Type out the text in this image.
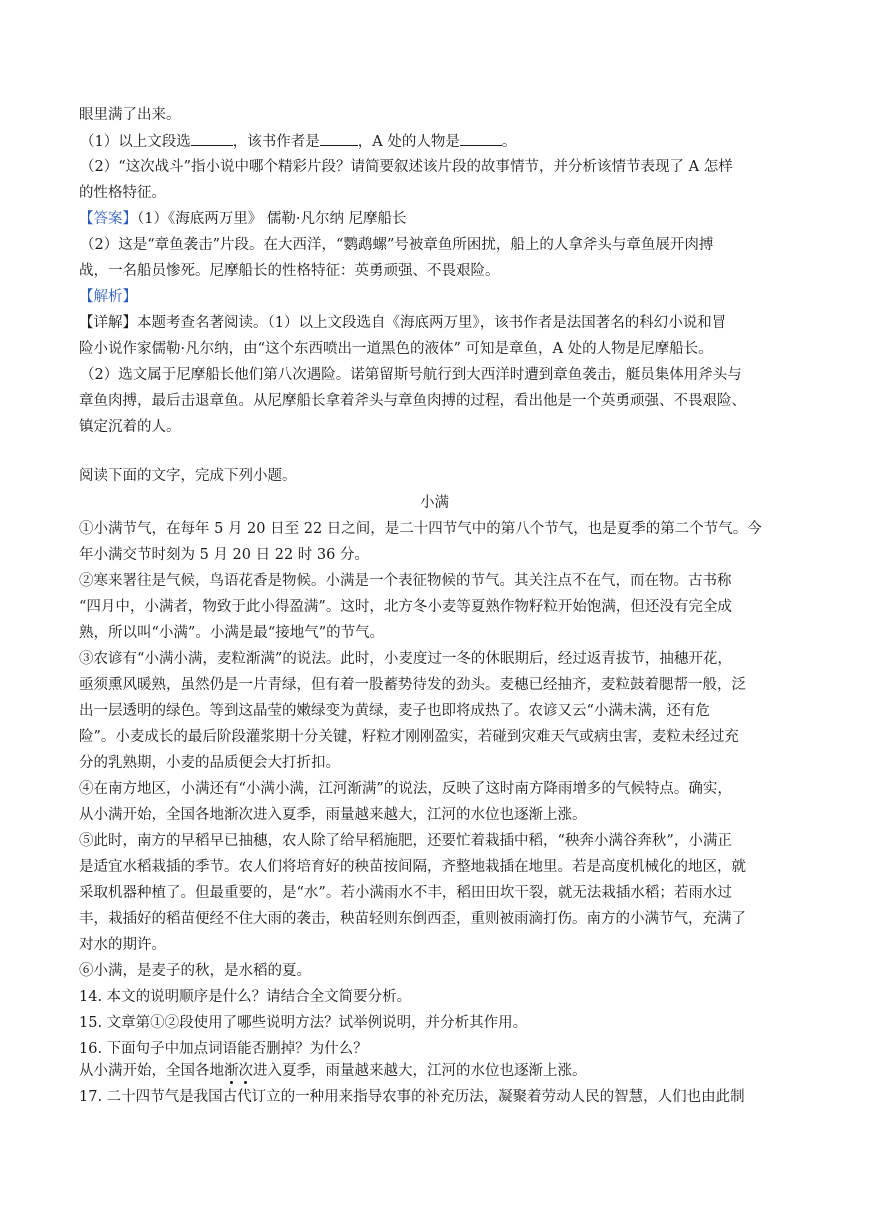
眼里满了出来。
（1）以上文段选	，该书作者是	，A 处的人物是	。
（2）“这次战斗”指小说中哪个精彩片段？请简要叙述该片段的故事情节，并分析该情节表现了 A 怎样
的性格特征。
【答案】（1）《海底两万里》 儒勒·凡尔纳 尼摩船长
（2）这是“章鱼袭击”片段。在大西洋，“鹦鹉螺”号被章鱼所困扰，船上的人拿斧头与章鱼展开肉搏
战，一名船员惨死。尼摩船长的性格特征：英勇顽强、不畏艰险。
【解析】
【详解】本题考查名著阅读。（1）以上文段选自《海底两万里》，该书作者是法国著名的科幻小说和冒
险小说作家儒勒·凡尔纳，由“这个东西喷出一道黑色的液体” 可知是章鱼，A 处的人物是尼摩船长。
（2）选文属于尼摩船长他们第八次遇险。诺第留斯号航行到大西洋时遭到章鱼袭击，艇员集体用斧头与
章鱼肉搏，最后击退章鱼。从尼摩船长拿着斧头与章鱼肉搏的过程，看出他是一个英勇顽强、不畏艰险、
镇定沉着的人。
阅读下面的文字，完成下列小题。
小满
①小满节气，在每年 5 月 20 日至 22 日之间，是二十四节气中的第八个节气，也是夏季的第二个节气。今
年小满交节时刻为 5 月 20 日 22 时 36 分。
②寒来署往是气候，鸟语花香是物候。小满是一个表征物候的节气。其关注点不在气，而在物。古书称
“四月中，小满者，物致于此小得盈满”。这时，北方冬小麦等夏熟作物籽粒开始饱满，但还没有完全成
熟，所以叫“小满”。小满是最“接地气”的节气。
③农谚有“小满小满，麦粒渐满”的说法。此时，小麦度过一冬的休眠期后，经过返青拔节，抽穗开花，
亟须熏风暖熟，虽然仍是一片青绿，但有着一股蓄势待发的劲头。麦穗已经抽齐，麦粒鼓着腮帮一般，泛
出一层透明的绿色。等到这晶莹的嫩绿变为黄绿，麦子也即将成热了。农谚又云“小满未满，还有危
险”。小麦成长的最后阶段灌浆期十分关键，籽粒才刚刚盈实，若碰到灾难天气或病虫害，麦粒未经过充
分的乳熟期，小麦的品质便会大打折扣。
④在南方地区，小满还有“小满小满，江河渐满”的说法，反映了这时南方降雨增多的气候特点。确实，
从小满开始，全国各地渐次进入夏季，雨量越来越大，江河的水位也逐渐上涨。
⑤此时，南方的早稻早已抽穗，农人除了给早稻施肥，还要忙着栽插中稻，“秧奔小满谷奔秋”，小满正
是适宜水稻栽插的季节。农人们将培育好的秧苗按间隔，齐整地栽插在地里。若是高度机械化的地区，就
采取机器种植了。但最重要的，是“水”。若小满雨水不丰，稻田田坎干裂，就无法栽插水稻；若雨水过
丰，栽插好的稻苗便经不住大雨的袭击，秧苗轻则东倒西歪，重则被雨滴打伤。南方的小满节气，充满了
对水的期许。
⑥小满，是麦子的秋，是水稻的夏。
14. 本文的说明顺序是什么？请结合全文简要分析。
15. 文章第①②段使用了哪些说明方法？试举例说明，并分析其作用。
16. 下面句子中加点词语能否删掉？为什么？
从小满开始，全国各地渐次进入夏季，雨量越来越大，江河的水位也逐渐上涨。
17. 二十四节气是我国古代订立的一种用来指导农事的补充历法，凝聚着劳动人民的智慧，人们也由此制
